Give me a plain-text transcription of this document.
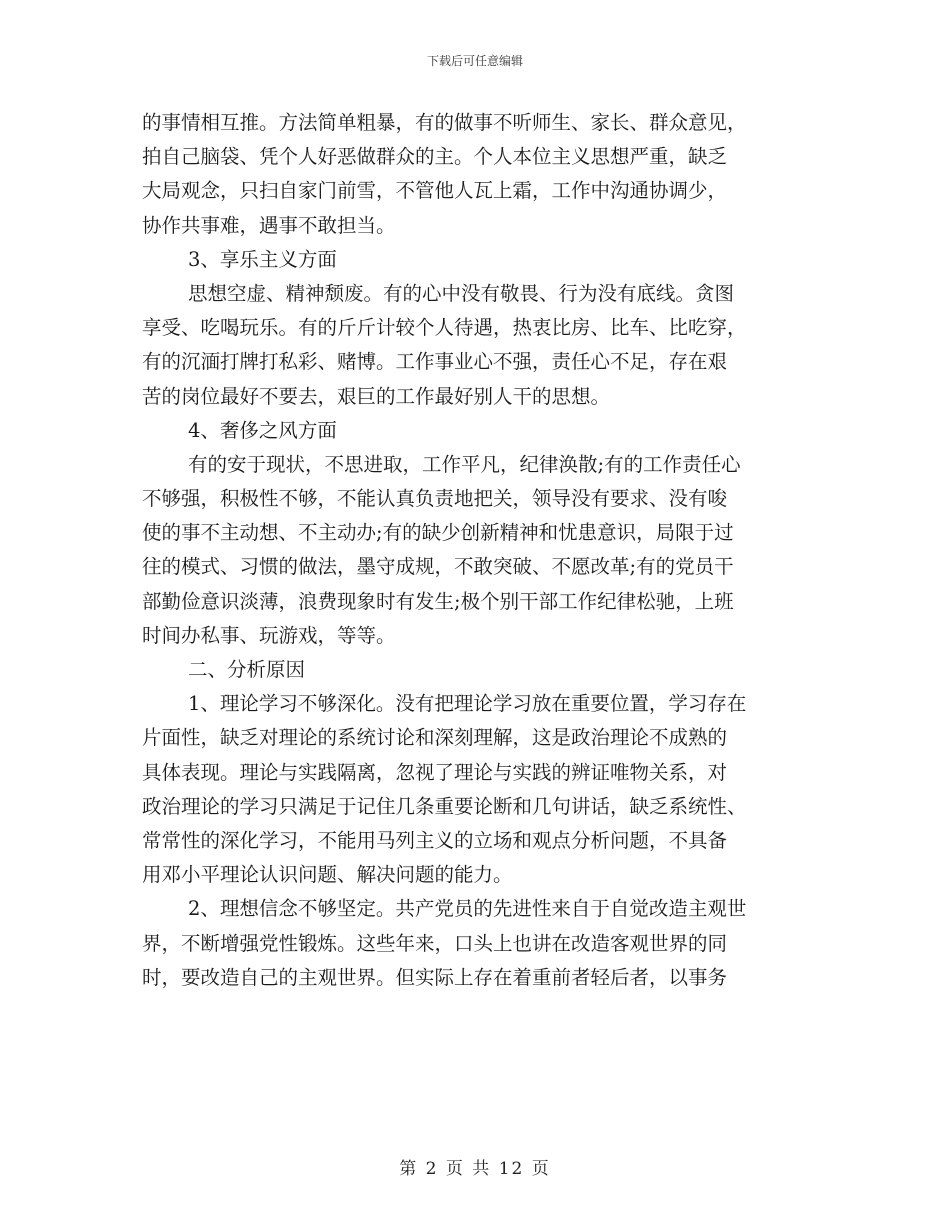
下载后可任意编辑
的事情相互推。方法简单粗暴，有的做事不听师生、家长、群众意见，
拍自己脑袋、凭个人好恶做群众的主。个人本位主义思想严重，缺乏
大局观念，只扫自家门前雪，不管他人瓦上霜，工作中沟通协调少，
协作共事难，遇事不敢担当。
3、享乐主义方面
思想空虚、精神颓废。有的心中没有敬畏、行为没有底线。贪图
享受、吃喝玩乐。有的斤斤计较个人待遇，热衷比房、比车、比吃穿，
有的沉湎打牌打私彩、赌博。工作事业心不强，责任心不足，存在艰
苦的岗位最好不要去，艰巨的工作最好别人干的思想。
4、奢侈之风方面
有的安于现状，不思进取，工作平凡，纪律涣散;有的工作责任心
不够强，积极性不够，不能认真负责地把关，领导没有要求、没有唆
使的事不主动想、不主动办;有的缺少创新精神和忧患意识，局限于过
往的模式、习惯的做法，墨守成规，不敢突破、不愿改革;有的党员干
部勤俭意识淡薄，浪费现象时有发生;极个别干部工作纪律松驰，上班
时间办私事、玩游戏，等等。
二、分析原因
1、理论学习不够深化。没有把理论学习放在重要位置，学习存在
片面性，缺乏对理论的系统讨论和深刻理解，这是政治理论不成熟的
具体表现。理论与实践隔离，忽视了理论与实践的辨证唯物关系，对
政治理论的学习只满足于记住几条重要论断和几句讲话，缺乏系统性、
常常性的深化学习，不能用马列主义的立场和观点分析问题，不具备
用邓小平理论认识问题、解决问题的能力。
2、理想信念不够坚定。共产党员的先进性来自于自觉改造主观世
界，不断增强党性锻炼。这些年来，口头上也讲在改造客观世界的同
时，要改造自己的主观世界。但实际上存在着重前者轻后者，以事务
第 2 页 共 12 页
